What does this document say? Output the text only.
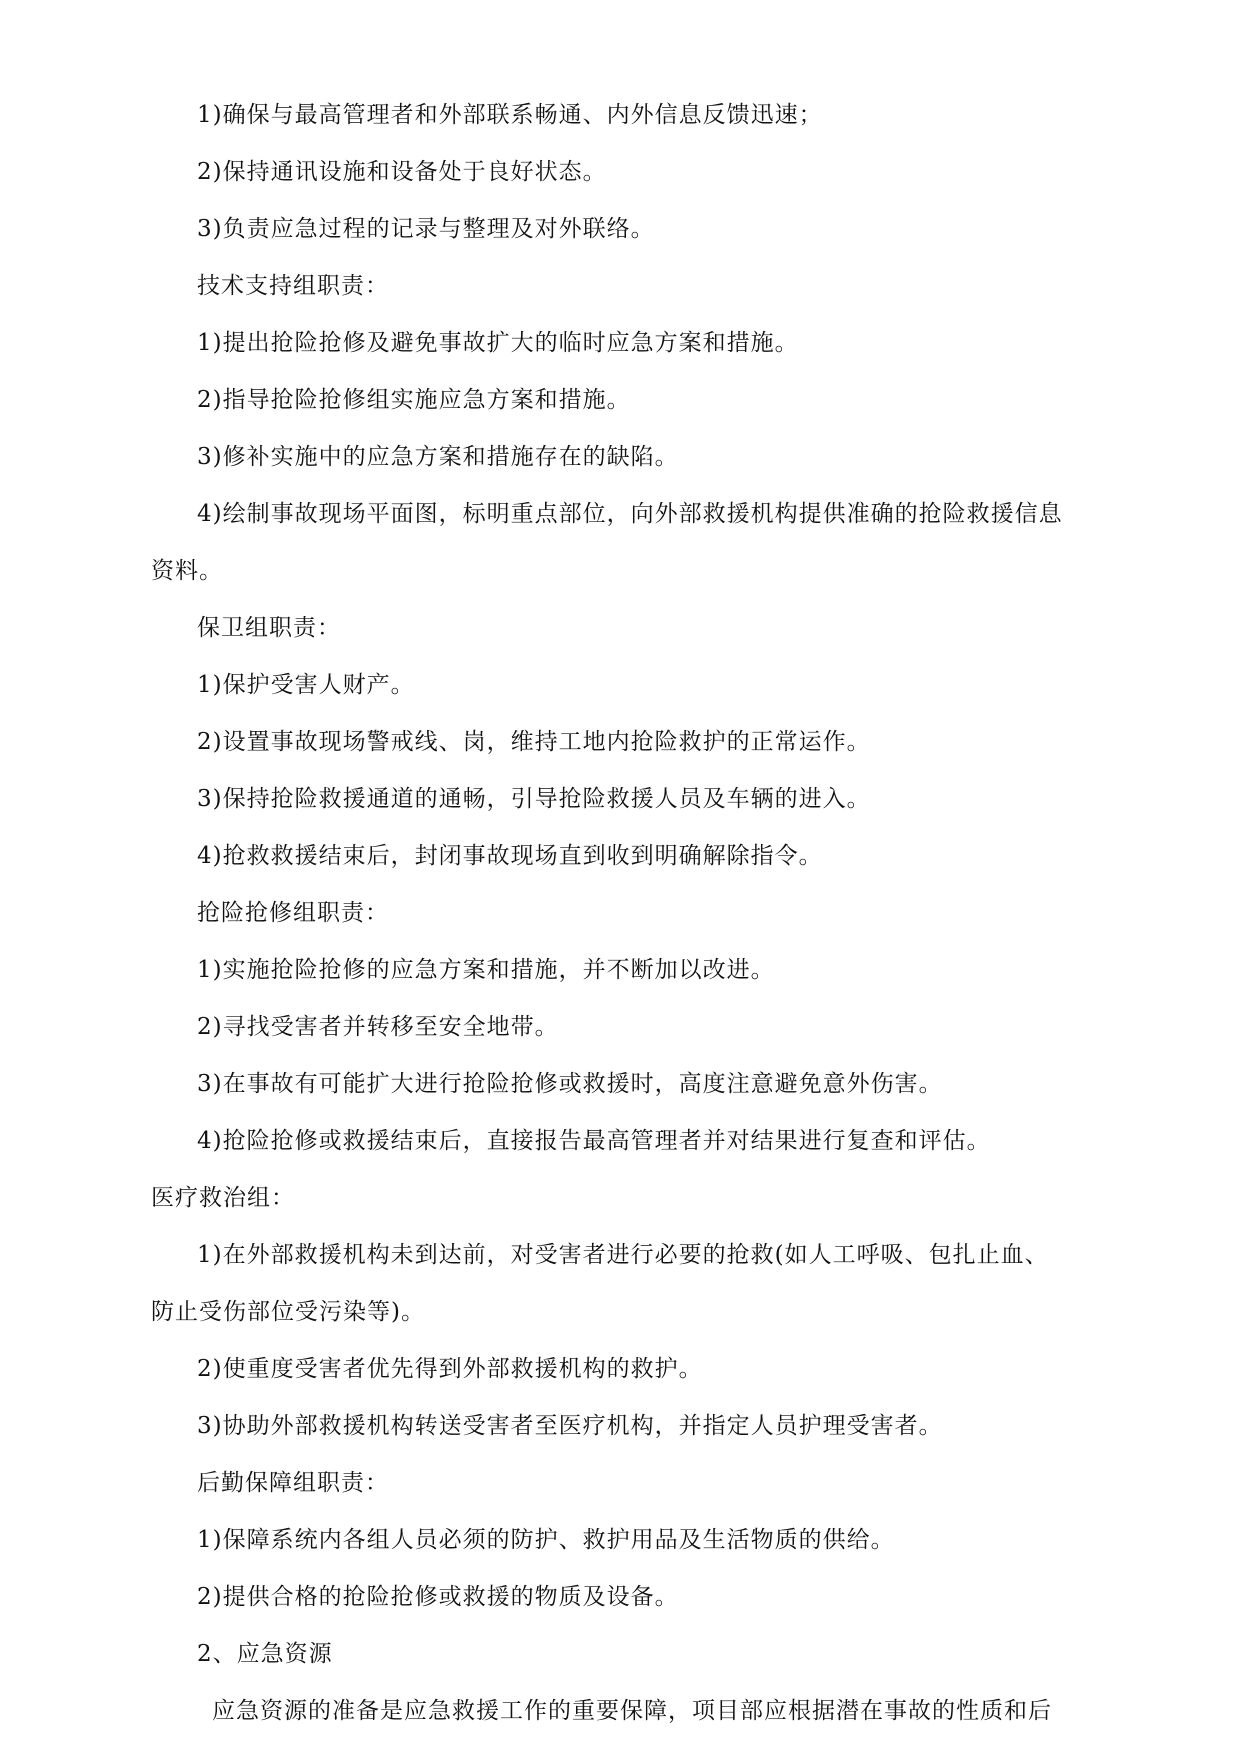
1)确保与最高管理者和外部联系畅通、内外信息反馈迅速；
2)保持通讯设施和设备处于良好状态。
3)负责应急过程的记录与整理及对外联络。
技术支持组职责：
1)提出抢险抢修及避免事故扩大的临时应急方案和措施。
2)指导抢险抢修组实施应急方案和措施。
3)修补实施中的应急方案和措施存在的缺陷。
4)绘制事故现场平面图，标明重点部位，向外部救援机构提供准确的抢险救援信息
资料。
保卫组职责：
1)保护受害人财产。
2)设置事故现场警戒线、岗，维持工地内抢险救护的正常运作。
3)保持抢险救援通道的通畅，引导抢险救援人员及车辆的进入。
4)抢救救援结束后，封闭事故现场直到收到明确解除指令。
抢险抢修组职责：
1)实施抢险抢修的应急方案和措施，并不断加以改进。
2)寻找受害者并转移至安全地带。
3)在事故有可能扩大进行抢险抢修或救援时，高度注意避免意外伤害。
4)抢险抢修或救援结束后，直接报告最高管理者并对结果进行复查和评估。
医疗救治组：
1)在外部救援机构未到达前，对受害者进行必要的抢救(如人工呼吸、包扎止血、
防止受伤部位受污染等)。
2)使重度受害者优先得到外部救援机构的救护。
3)协助外部救援机构转送受害者至医疗机构，并指定人员护理受害者。
后勤保障组职责：
1)保障系统内各组人员必须的防护、救护用品及生活物质的供给。
2)提供合格的抢险抢修或救援的物质及设备。
2、应急资源
应急资源的准备是应急救援工作的重要保障，项目部应根据潜在事故的性质和后
